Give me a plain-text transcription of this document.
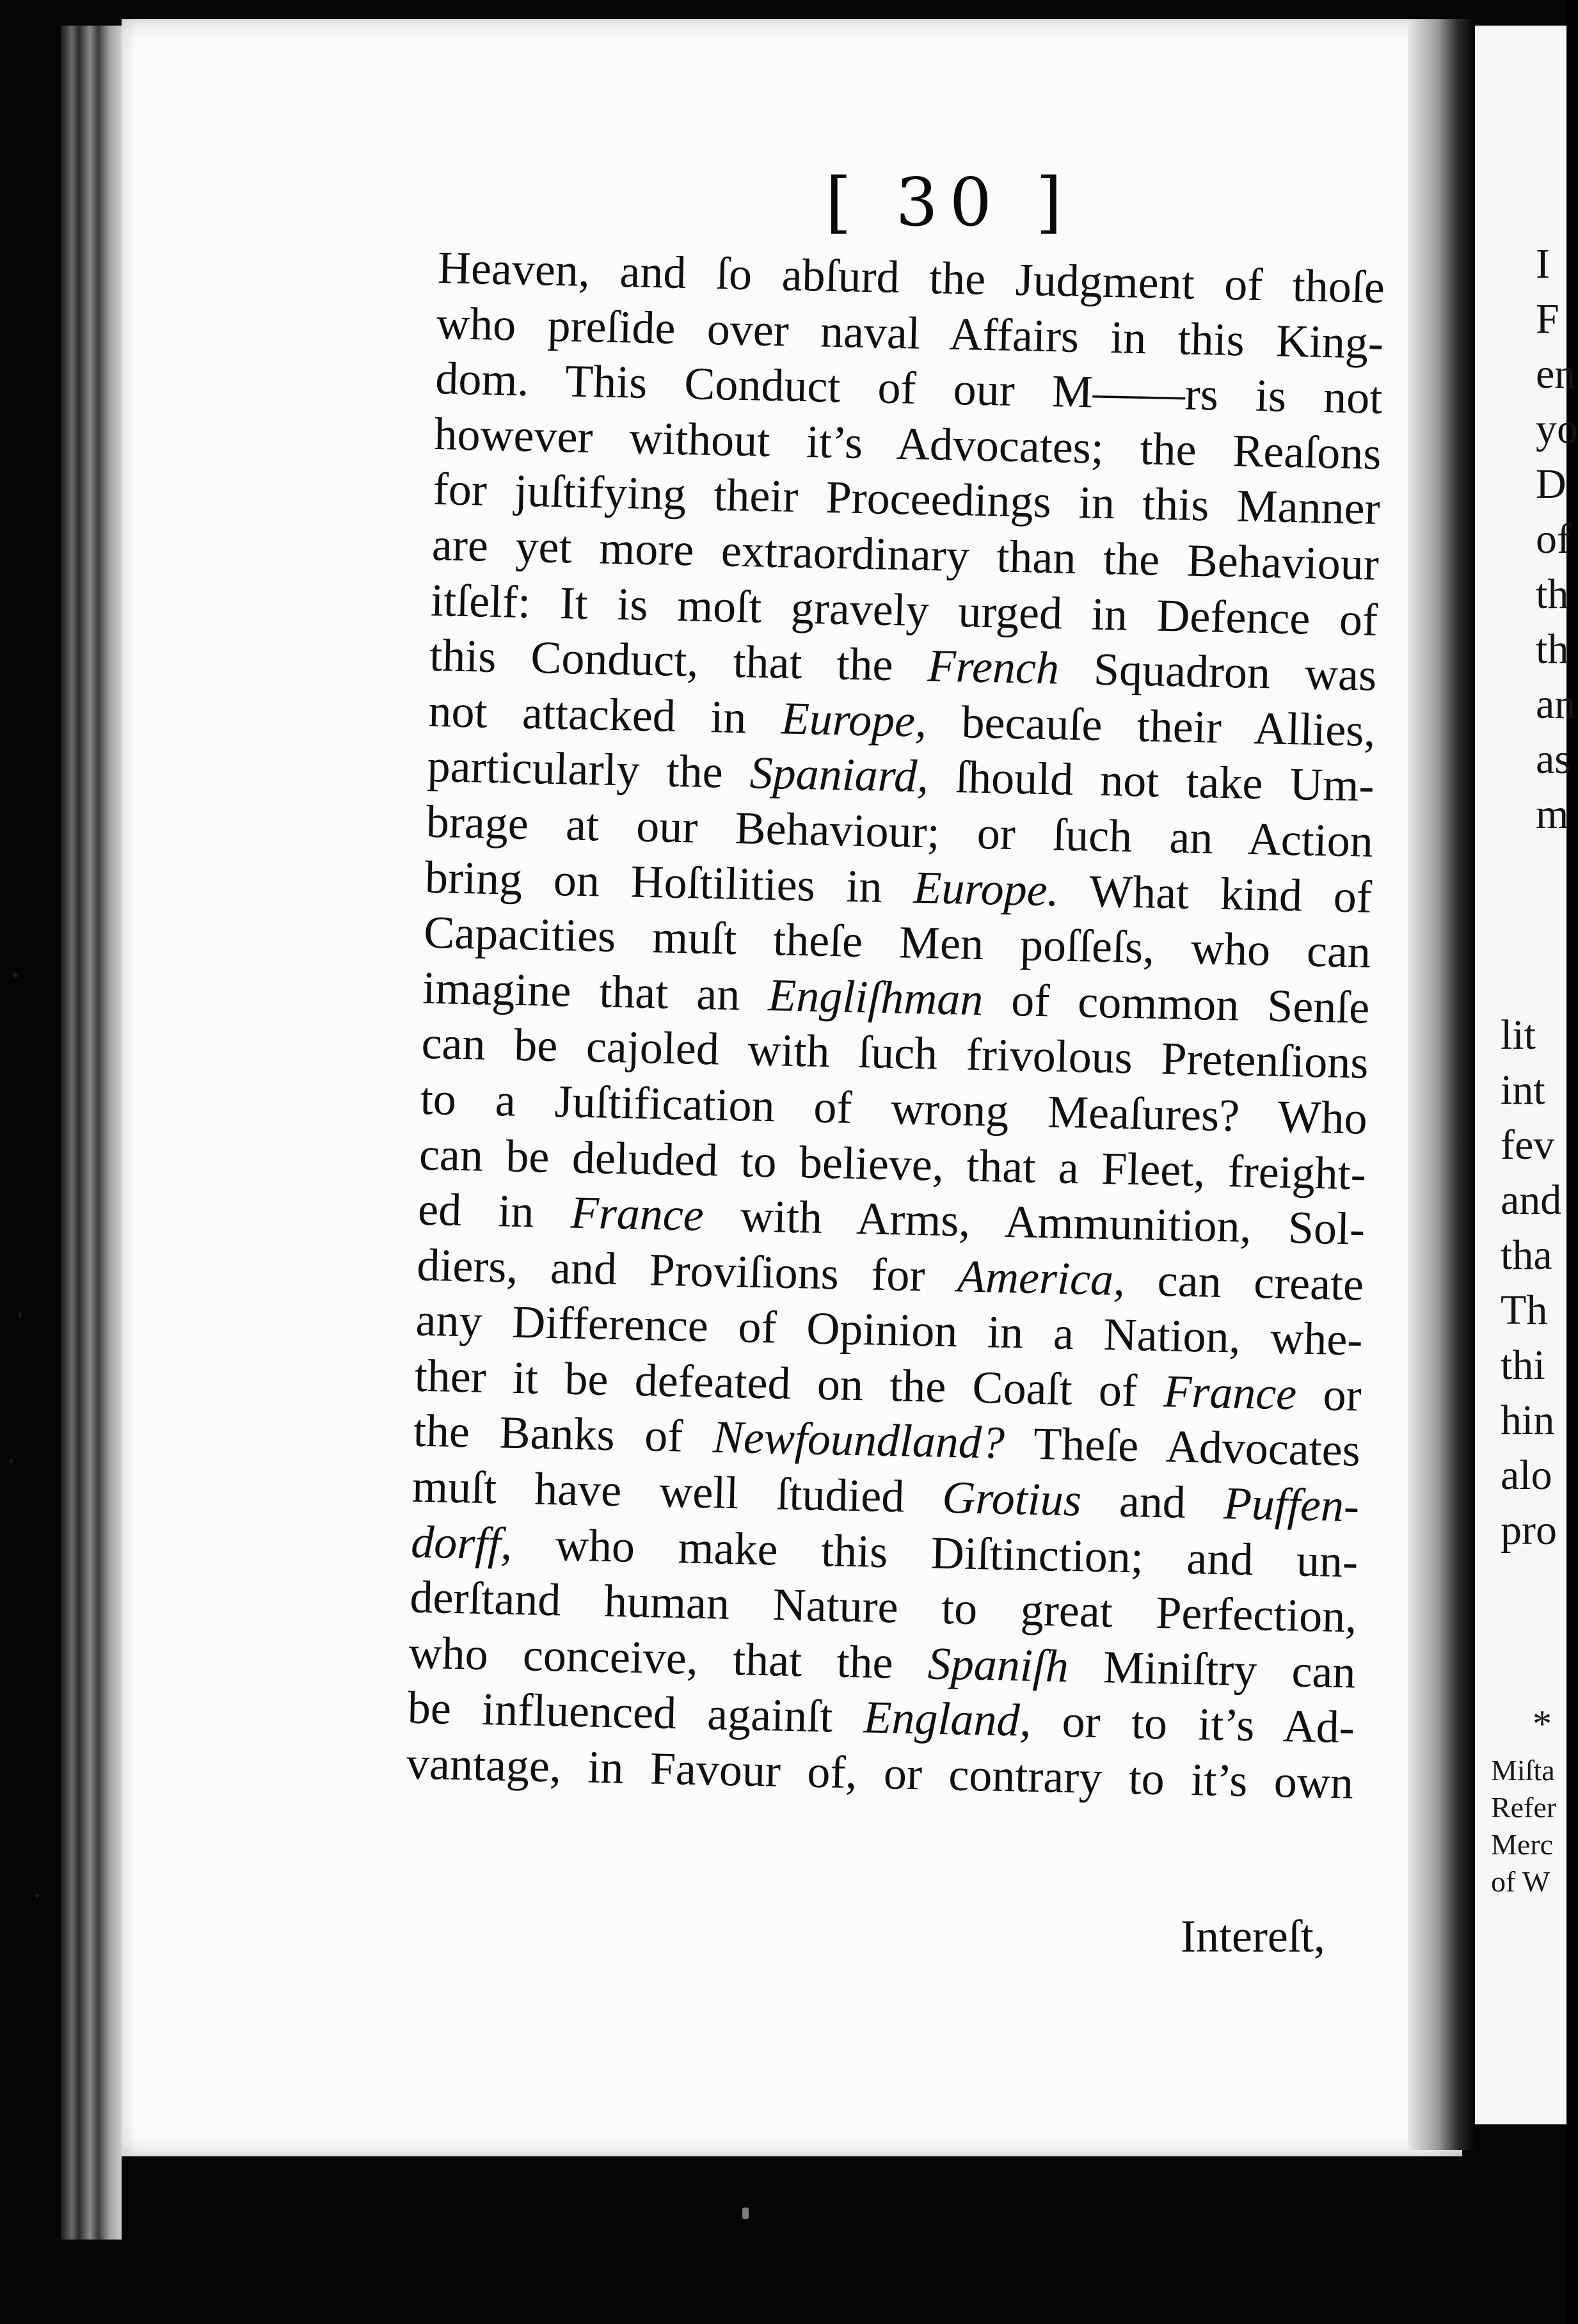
[ 30 ]
Heaven, and ſo abſurd the Judgment of thoſe
who preſide over naval Affairs in this King-
dom. This Conduct of our M——rs is not
however without it’s Advocates; the Reaſons
for juſtifying their Proceedings in this Manner
are yet more extraordinary than the Behaviour
itſelf: It is moſt gravely urged in Defence of
this Conduct, that the French Squadron was
not attacked in Europe, becauſe their Allies,
particularly the Spaniard, ſhould not take Um-
brage at our Behaviour; or ſuch an Action
bring on Hoſtilities in Europe. What kind of
Capacities muſt theſe Men poſſeſs, who can
imagine that an Engliſhman of common Senſe
can be cajoled with ſuch frivolous Pretenſions
to a Juſtification of wrong Meaſures? Who
can be deluded to believe, that a Fleet, freight-
ed in France with Arms, Ammunition, Sol-
diers, and Proviſions for America, can create
any Difference of Opinion in a Nation, whe-
ther it be defeated on the Coaſt of France or
the Banks of Newfoundland? Theſe Advocates
muſt have well ſtudied Grotius and Puffen-
dorff, who make this Diſtinction; and un-
derſtand human Nature to great Perfection,
who conceive, that the Spaniſh Miniſtry can
be influenced againſt England, or to it’s Ad-
vantage, in Favour of, or contrary to it’s own
Intereſt,
I
F
en
yo
D
of
th
th
an
as
m
lit
int
fev
and
tha
Th
thi
hin
alo
pro
*
Miſta
Refer
Merc
of W
